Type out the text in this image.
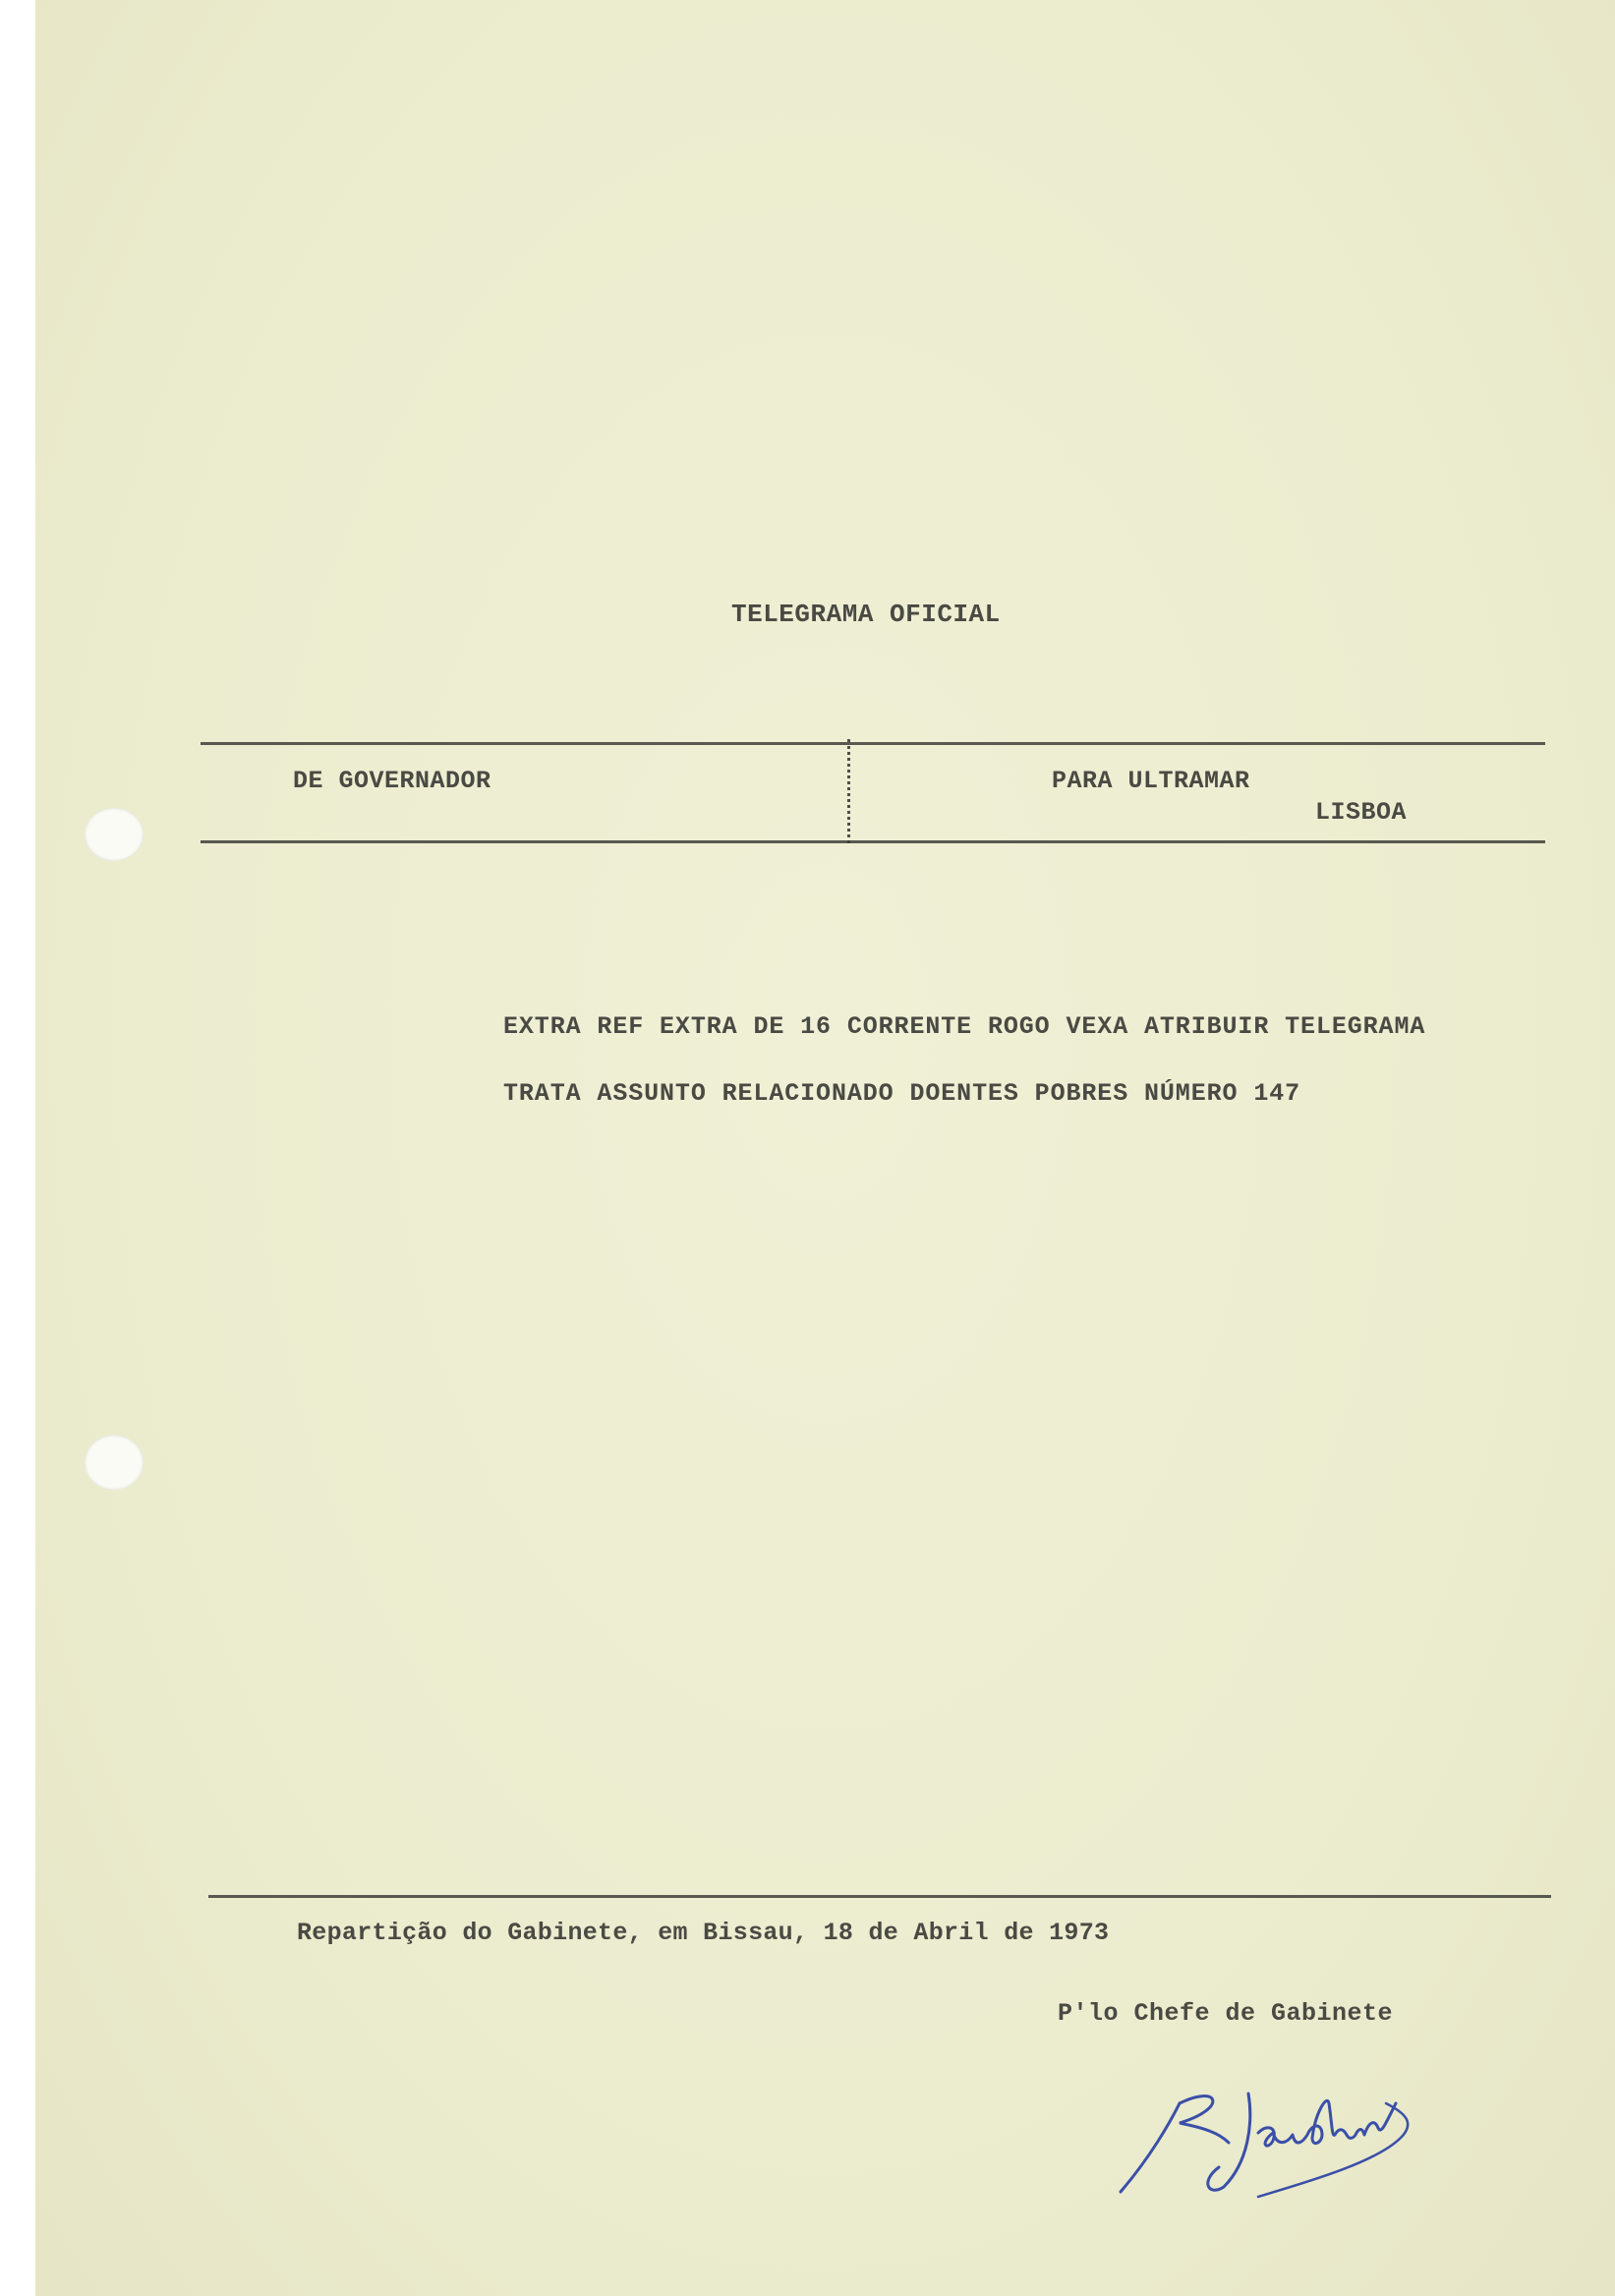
TELEGRAMA OFICIAL
DE GOVERNADOR	PARA ULTRAMAR
LISBOA
EXTRA REF EXTRA DE 16 CORRENTE ROGO VEXA ATRIBUIR TELEGRAMA
TRATA ASSUNTO RELACIONADO DOENTES POBRES NÚMERO 147
Repartição do Gabinete, em Bissau, 18 de Abril de 1973
P'lo Chefe de Gabinete
